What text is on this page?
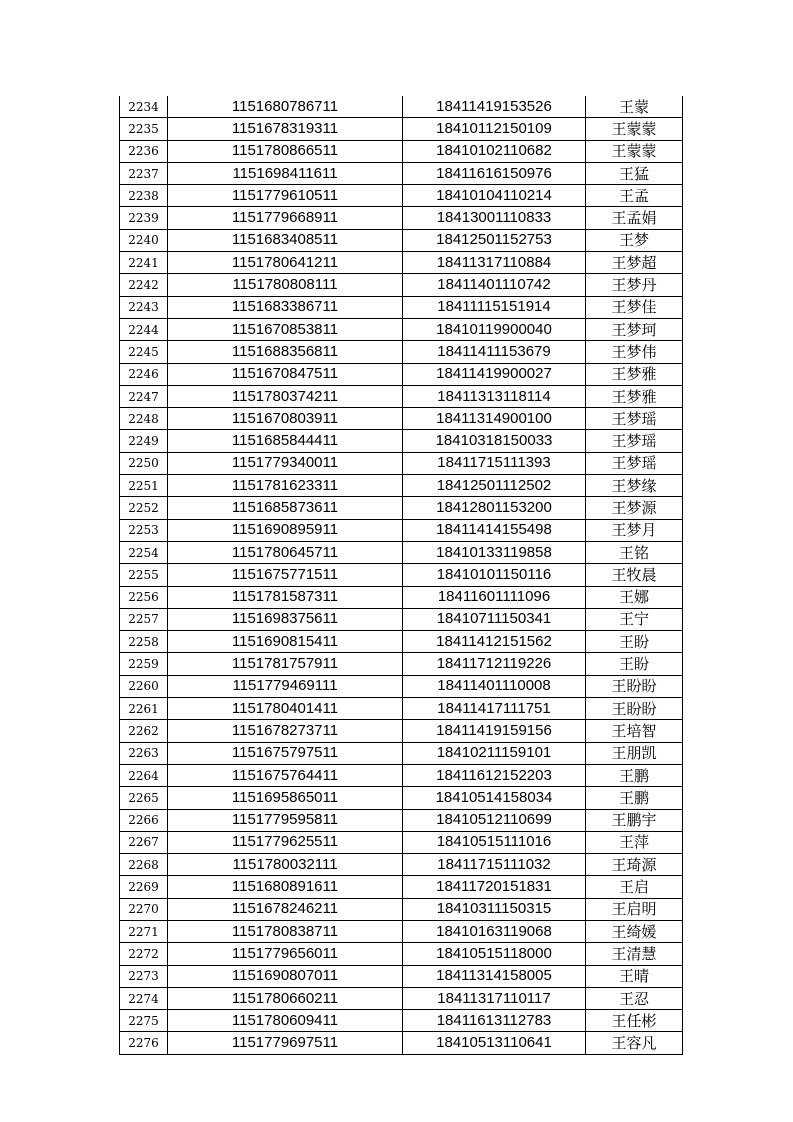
2234	1151680786711	18411419153526	王蒙
2235	1151678319311	18410112150109	王蒙蒙
2236	1151780866511	18410102110682	王蒙蒙
2237	1151698411611	18411616150976	王猛
2238	1151779610511	18410104110214	王孟
2239	1151779668911	18413001110833	王孟娟
2240	1151683408511	18412501152753	王梦
2241	1151780641211	18411317110884	王梦超
2242	1151780808111	18411401110742	王梦丹
2243	1151683386711	18411115151914	王梦佳
2244	1151670853811	18410119900040	王梦珂
2245	1151688356811	18411411153679	王梦伟
2246	1151670847511	18411419900027	王梦雅
2247	1151780374211	18411313118114	王梦雅
2248	1151670803911	18411314900100	王梦瑶
2249	1151685844411	18410318150033	王梦瑶
2250	1151779340011	18411715111393	王梦瑶
2251	1151781623311	18412501112502	王梦缘
2252	1151685873611	18412801153200	王梦源
2253	1151690895911	18411414155498	王梦月
2254	1151780645711	18410133119858	王铭
2255	1151675771511	18410101150116	王牧晨
2256	1151781587311	18411601111096	王娜
2257	1151698375611	18410711150341	王宁
2258	1151690815411	18411412151562	王盼
2259	1151781757911	18411712119226	王盼
2260	1151779469111	18411401110008	王盼盼
2261	1151780401411	18411417111751	王盼盼
2262	1151678273711	18411419159156	王培智
2263	1151675797511	18410211159101	王朋凯
2264	1151675764411	18411612152203	王鹏
2265	1151695865011	18410514158034	王鹏
2266	1151779595811	18410512110699	王鹏宇
2267	1151779625511	18410515111016	王萍
2268	1151780032111	18411715111032	王琦源
2269	1151680891611	18411720151831	王启
2270	1151678246211	18410311150315	王启明
2271	1151780838711	18410163119068	王绮媛
2272	1151779656011	18410515118000	王清慧
2273	1151690807011	18411314158005	王晴
2274	1151780660211	18411317110117	王忍
2275	1151780609411	18411613112783	王任彬
2276	1151779697511	18410513110641	王容凡
